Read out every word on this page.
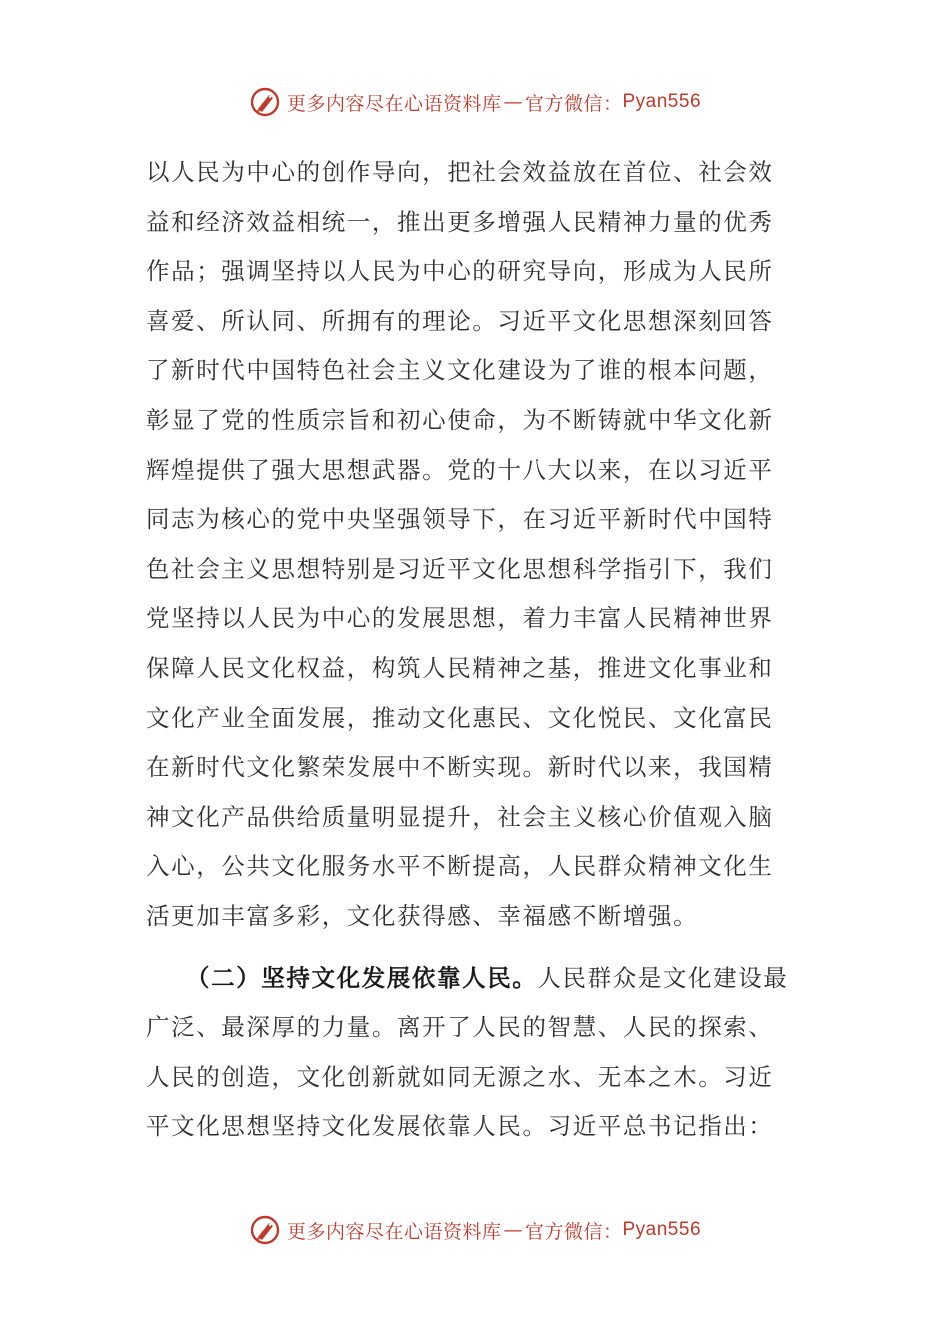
更多内容尽在心语资料库 — 官方微信： Pyan556
以人民为中心的创作导向，把社会效益放在首位、社会效
益和经济效益相统一，推出更多增强人民精神力量的优秀
作品；强调坚持以人民为中心的研究导向，形成为人民所
喜爱、所认同、所拥有的理论。习近平文化思想深刻回答
了新时代中国特色社会主义文化建设为了谁的根本问题，
彰显了党的性质宗旨和初心使命，为不断铸就中华文化新
辉煌提供了强大思想武器。党的十八大以来，在以习近平
同志为核心的党中央坚强领导下，在习近平新时代中国特
色社会主义思想特别是习近平文化思想科学指引下，我们
党坚持以人民为中心的发展思想，着力丰富人民精神世界
保障人民文化权益，构筑人民精神之基，推进文化事业和
文化产业全面发展，推动文化惠民、文化悦民、文化富民
在新时代文化繁荣发展中不断实现。新时代以来，我国精
神文化产品供给质量明显提升，社会主义核心价值观入脑
入心，公共文化服务水平不断提高，人民群众精神文化生
活更加丰富多彩，文化获得感、幸福感不断增强。
（二）坚持文化发展依靠人民。人民群众是文化建设最
广泛、最深厚的力量。离开了人民的智慧、人民的探索、
人民的创造，文化创新就如同无源之水、无本之木。习近
平文化思想坚持文化发展依靠人民。习近平总书记指出：
更多内容尽在心语资料库 — 官方微信： Pyan556
